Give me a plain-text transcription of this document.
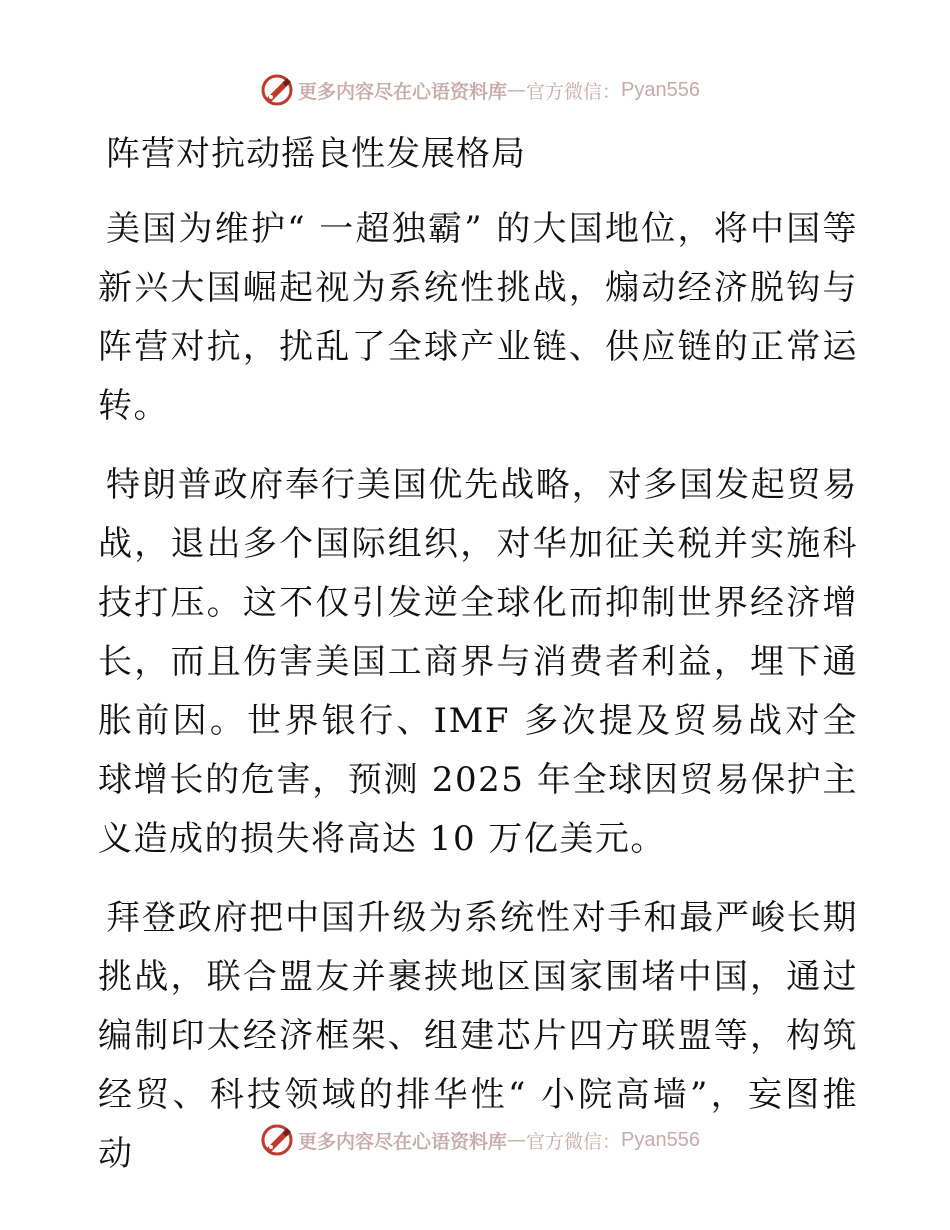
更多内容尽在心语资料库 — 官方微信： Pyan556
阵营对抗动摇良性发展格局

美国为维护“ 一超独霸” 的大国地位，将中国等新兴大国崛起视为系统性挑战，煽动经济脱钩与阵营对抗，扰乱了全球产业链、供应链的正常运转。

特朗普政府奉行美国优先战略，对多国发起贸易战，退出多个国际组织，对华加征关税并实施科技打压。这不仅引发逆全球化而抑制世界经济增长，而且伤害美国工商界与消费者利益，埋下通胀前因。世界银行、IMF 多次提及贸易战对全球增长的危害，预测 2025 年全球因贸易保护主义造成的损失将高达 10 万亿美元。

拜登政府把中国升级为系统性对手和最严峻长期挑战，联合盟友并裹挟地区国家围堵中国，通过编制印太经济框架、组建芯片四方联盟等，构筑经贸、科技领域的排华性“ 小院高墙”，妄图推动	更多内容尽在心语资料库 — 官方微信： Pyan556
